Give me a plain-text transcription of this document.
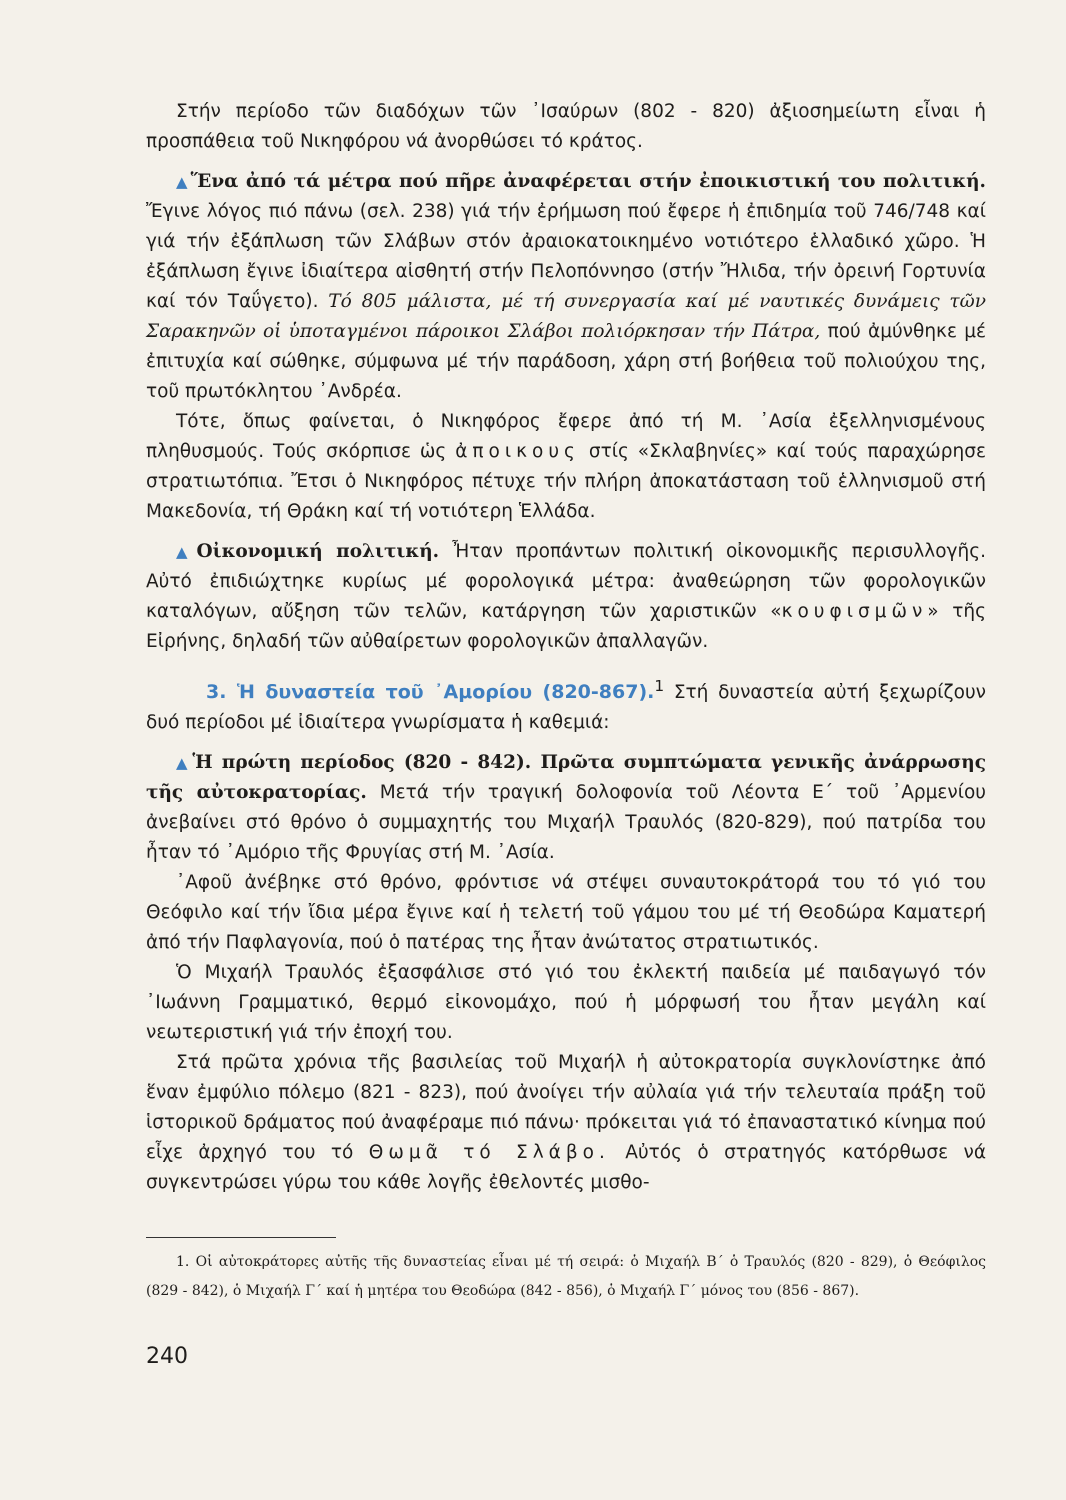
Στήν περίοδο τῶν διαδόχων τῶν ᾿Ισαύρων (802 - 820) ἀξιοσημείωτη εἶναι ἡ προσπάθεια τοῦ Νικηφόρου νά ἀνορθώσει τό κράτος.

▲ Ἕνα ἀπό τά μέτρα πού πῆρε ἀναφέρεται στήν ἐποικιστική του πολιτική. Ἔγινε λόγος πιό πάνω (σελ. 238) γιά τήν ἐρήμωση πού ἔφερε ἡ ἐπιδημία τοῦ 746/748 καί γιά τήν ἐξάπλωση τῶν Σλάβων στόν ἀραιοκατοικημένο νοτιότερο ἑλλαδικό χῶρο. Ἡ ἐξάπλωση ἔγινε ἰδιαίτερα αἰσθητή στήν Πελοπόννησο (στήν Ἤλιδα, τήν ὀρεινή Γορτυνία καί τόν Ταΰγετο). Τό 805 μάλιστα, μέ τή συνεργασία καί μέ ναυτικές δυνάμεις τῶν Σαρακηνῶν οἱ ὑποταγμένοι πάροικοι Σλάβοι πολιόρκησαν τήν Πάτρα, πού ἀμύνθηκε μέ ἐπιτυχία καί σώθηκε, σύμφωνα μέ τήν παράδοση, χάρη στή βοήθεια τοῦ πολιούχου της, τοῦ πρωτόκλητου ᾿Ανδρέα.

Τότε, ὅπως φαίνεται, ὁ Νικηφόρος ἔφερε ἀπό τή Μ. ᾿Ασία ἐξελληνισμένους πληθυσμούς. Τούς σκόρπισε ὡς ἀποικους στίς «Σκλαβηνίες» καί τούς παραχώρησε στρατιωτόπια. Ἔτσι ὁ Νικηφόρος πέτυχε τήν πλήρη ἀποκατάσταση τοῦ ἑλληνισμοῦ στή Μακεδονία, τή Θράκη καί τή νοτιότερη Ἑλλάδα.

▲ Οἰκονομική πολιτική. Ἦταν προπάντων πολιτική οἰκονομικῆς περισυλλογῆς. Αὐτό ἐπιδιώχτηκε κυρίως μέ φορολογικά μέτρα: ἀναθεώρηση τῶν φορολογικῶν καταλόγων, αὔξηση τῶν τελῶν, κατάργηση τῶν χαριστικῶν «κουφισμῶν» τῆς Εἰρήνης, δηλαδή τῶν αὐθαίρετων φορολογικῶν ἀπαλλαγῶν.

3. Ἡ δυναστεία τοῦ ᾿Αμορίου (820-867).$^1$ Στή δυναστεία αὐτή ξεχωρίζουν δυό περίοδοι μέ ἰδιαίτερα γνωρίσματα ἡ καθεμιά:

▲ Ἡ πρώτη περίοδος (820 - 842). Πρῶτα συμπτώματα γενικῆς ἀνάρρωσης τῆς αὐτοκρατορίας. Μετά τήν τραγική δολοφονία τοῦ Λέοντα Ε΄ τοῦ ᾿Αρμενίου ἀνεβαίνει στό θρόνο ὁ συμμαχητής του Μιχαήλ Τραυλός (820-829), πού πατρίδα του ἦταν τό ᾿Αμόριο τῆς Φρυγίας στή Μ. ᾿Ασία.

᾿Αφοῦ ἀνέβηκε στό θρόνο, φρόντισε νά στέψει συναυτοκράτορά του τό γιό του Θεόφιλο καί τήν ἴδια μέρα ἔγινε καί ἡ τελετή τοῦ γάμου του μέ τή Θεοδώρα Καματερή ἀπό τήν Παφλαγονία, πού ὁ πατέρας της ἦταν ἀνώτατος στρατιωτικός.

Ὁ Μιχαήλ Τραυλός ἐξασφάλισε στό γιό του ἐκλεκτή παιδεία μέ παιδαγωγό τόν ᾿Ιωάννη Γραμματικό, θερμό εἰκονομάχο, πού ἡ μόρφωσή του ἦταν μεγάλη καί νεωτεριστική γιά τήν ἐποχή του.

Στά πρῶτα χρόνια τῆς βασιλείας τοῦ Μιχαήλ ἡ αὐτοκρατορία συγκλονίστηκε ἀπό ἕναν ἐμφύλιο πόλεμο (821 - 823), πού ἀνοίγει τήν αὐλαία γιά τήν τελευταία πράξη τοῦ ἱστορικοῦ δράματος πού ἀναφέραμε πιό πάνω· πρόκειται γιά τό ἐπαναστατικό κίνημα πού εἶχε ἀρχηγό του τό Θωμᾶ τό Σλάβο. Αὐτός ὁ στρατηγός κατόρθωσε νά συγκεντρώσει γύρω του κάθε λογῆς ἐθελοντές μισθο-

1. Οἱ αὐτοκράτορες αὐτῆς τῆς δυναστείας εἶναι μέ τή σειρά: ὁ Μιχαήλ Β΄ ὁ Τραυλός (820 - 829), ὁ Θεόφιλος (829 - 842), ὁ Μιχαήλ Γ΄ καί ἡ μητέρα του Θεοδώρα (842 - 856), ὁ Μιχαήλ Γ΄ μόνος του (856 - 867).

240
